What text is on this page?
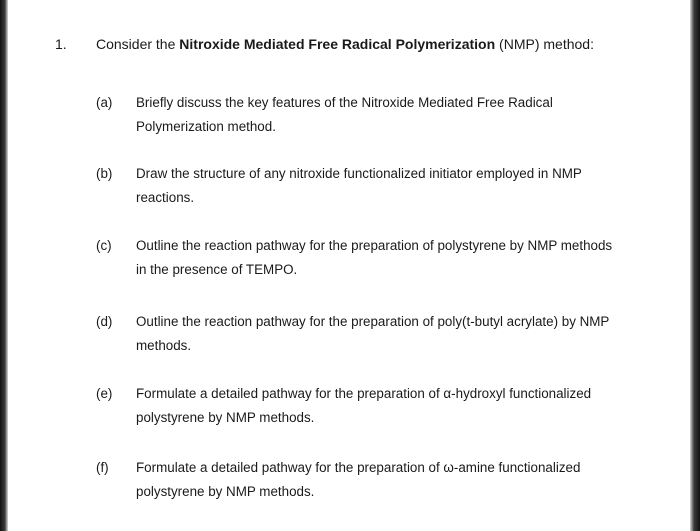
1. Consider the Nitroxide Mediated Free Radical Polymerization (NMP) method:
(a) Briefly discuss the key features of the Nitroxide Mediated Free Radical
Polymerization method.
(b) Draw the structure of any nitroxide functionalized initiator employed in NMP
reactions.
(c) Outline the reaction pathway for the preparation of polystyrene by NMP methods
in the presence of TEMPO.
(d) Outline the reaction pathway for the preparation of poly(t-butyl acrylate) by NMP
methods.
(e) Formulate a detailed pathway for the preparation of α-hydroxyl functionalized
polystyrene by NMP methods.
(f) Formulate a detailed pathway for the preparation of ω-amine functionalized
polystyrene by NMP methods.
